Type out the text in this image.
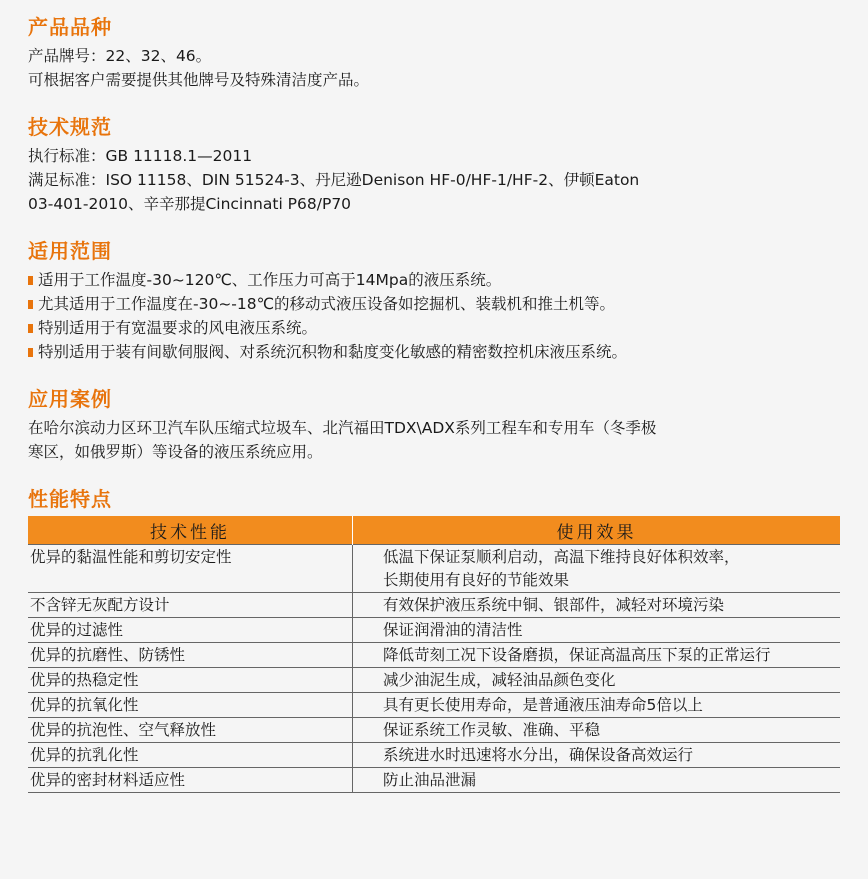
产品品种
产品牌号：22、32、46。
可根据客户需要提供其他牌号及特殊清洁度产品。
技术规范
执行标准：GB 11118.1—2011
满足标准：ISO 11158、DIN 51524-3、丹尼逊Denison HF-0/HF-1/HF-2、伊顿Eaton
03-401-2010、辛辛那提Cincinnati P68/P70
适用范围
适用于工作温度-30~120℃、工作压力可高于14Mpa的液压系统。
尤其适用于工作温度在-30~-18℃的移动式液压设备如挖掘机、装载机和推土机等。
特别适用于有宽温要求的风电液压系统。
特别适用于装有间歇伺服阀、对系统沉积物和黏度变化敏感的精密数控机床液压系统。
应用案例
在哈尔滨动力区环卫汽车队压缩式垃圾车、北汽福田TDX\ADX系列工程车和专用车（冬季极
寒区，如俄罗斯）等设备的液压系统应用。
性能特点
技术性能	使用效果
优异的黏温性能和剪切安定性	低温下保证泵顺利启动，高温下维持良好体积效率，
长期使用有良好的节能效果

不含锌无灰配方设计	有效保护液压系统中铜、银部件，减轻对环境污染
优异的过滤性	保证润滑油的清洁性
优异的抗磨性、防锈性	降低苛刻工况下设备磨损，保证高温高压下泵的正常运行
优异的热稳定性	减少油泥生成，减轻油品颜色变化
优异的抗氧化性	具有更长使用寿命，是普通液压油寿命5倍以上
优异的抗泡性、空气释放性	保证系统工作灵敏、准确、平稳
优异的抗乳化性	系统进水时迅速将水分出，确保设备高效运行
优异的密封材料适应性	防止油品泄漏
